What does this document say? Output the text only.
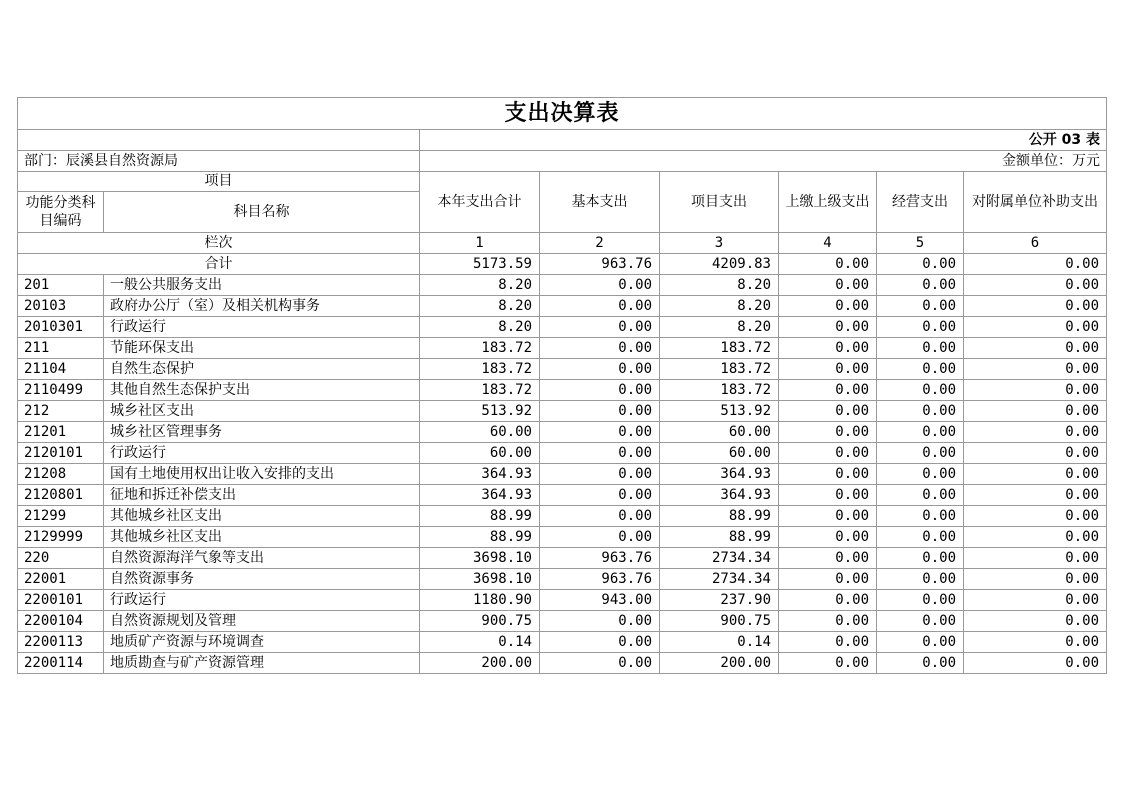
支出决算表							
		公开 03 表					
部门：辰溪县自然资源局		金额单位：万元					
项目		本年支出合计	基本支出	项目支出	上缴上级支出	经营支出	对附属单位补助支出
功能分类科目编码	科目名称						
栏次		1	2	3	4	5	6
合计		5173.59	963.76	4209.83	0.00	0.00	0.00
201	一般公共服务支出	8.20	0.00	8.20	0.00	0.00	0.00
20103	政府办公厅（室）及相关机构事务	8.20	0.00	8.20	0.00	0.00	0.00
2010301	行政运行	8.20	0.00	8.20	0.00	0.00	0.00
211	节能环保支出	183.72	0.00	183.72	0.00	0.00	0.00
21104	自然生态保护	183.72	0.00	183.72	0.00	0.00	0.00
2110499	其他自然生态保护支出	183.72	0.00	183.72	0.00	0.00	0.00
212	城乡社区支出	513.92	0.00	513.92	0.00	0.00	0.00
21201	城乡社区管理事务	60.00	0.00	60.00	0.00	0.00	0.00
2120101	行政运行	60.00	0.00	60.00	0.00	0.00	0.00
21208	国有土地使用权出让收入安排的支出	364.93	0.00	364.93	0.00	0.00	0.00
2120801	征地和拆迁补偿支出	364.93	0.00	364.93	0.00	0.00	0.00
21299	其他城乡社区支出	88.99	0.00	88.99	0.00	0.00	0.00
2129999	其他城乡社区支出	88.99	0.00	88.99	0.00	0.00	0.00
220	自然资源海洋气象等支出	3698.10	963.76	2734.34	0.00	0.00	0.00
22001	自然资源事务	3698.10	963.76	2734.34	0.00	0.00	0.00
2200101	行政运行	1180.90	943.00	237.90	0.00	0.00	0.00
2200104	自然资源规划及管理	900.75	0.00	900.75	0.00	0.00	0.00
2200113	地质矿产资源与环境调查	0.14	0.00	0.14	0.00	0.00	0.00
2200114	地质勘查与矿产资源管理	200.00	0.00	200.00	0.00	0.00	0.00
